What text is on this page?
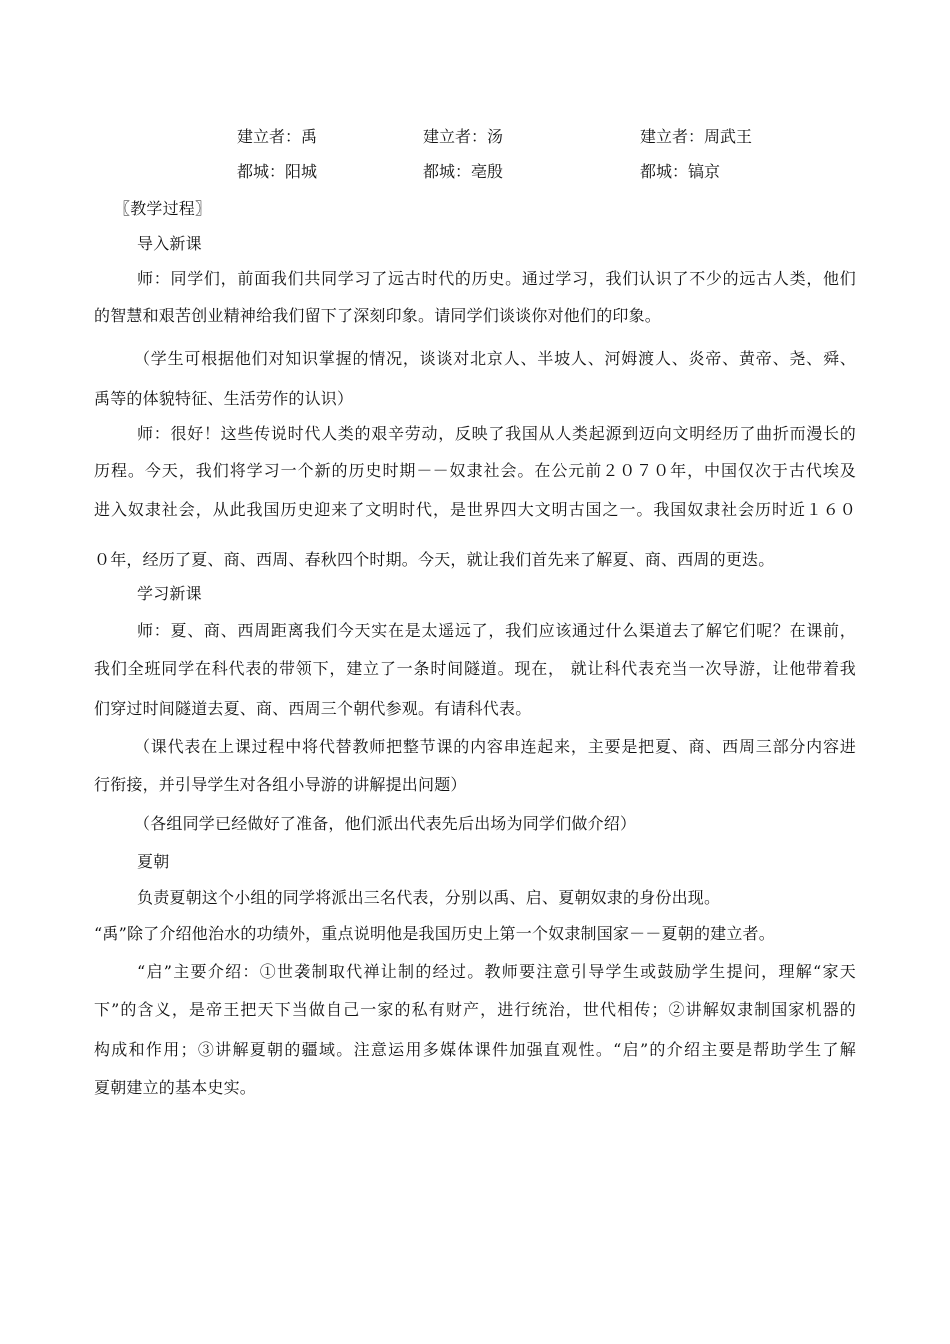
建立者：禹	建立者：汤	建立者：周武王
都城：阳城	都城：亳殷	都城：镐京
〖教学过程〗
导入新课
师：同学们，前面我们共同学习了远古时代的历史。通过学习，我们认识了不少的远古人类，他们
的智慧和艰苦创业精神给我们留下了深刻印象。请同学们谈谈你对他们的印象。
（学生可根据他们对知识掌握的情况，谈谈对北京人、半坡人、河姆渡人、炎帝、黄帝、尧、舜、
禹等的体貌特征、生活劳作的认识）
师：很好！这些传说时代人类的艰辛劳动，反映了我国从人类起源到迈向文明经历了曲折而漫长的
历程。今天，我们将学习一个新的历史时期－－奴隶社会。在公元前２０７０年，中国仅次于古代埃及
进入奴隶社会，从此我国历史迎来了文明时代，是世界四大文明古国之一。我国奴隶社会历时近１６０
０年，经历了夏、商、西周、春秋四个时期。今天，就让我们首先来了解夏、商、西周的更迭。
学习新课
师：夏、商、西周距离我们今天实在是太遥远了，我们应该通过什么渠道去了解它们呢？在课前，
我们全班同学在科代表的带领下，建立了一条时间隧道。现在， 就让科代表充当一次导游，让他带着我
们穿过时间隧道去夏、商、西周三个朝代参观。有请科代表。
（课代表在上课过程中将代替教师把整节课的内容串连起来，主要是把夏、商、西周三部分内容进
行衔接，并引导学生对各组小导游的讲解提出问题）
（各组同学已经做好了准备，他们派出代表先后出场为同学们做介绍）
夏朝
负责夏朝这个小组的同学将派出三名代表，分别以禹、启、夏朝奴隶的身份出现。
“禹”除了介绍他治水的功绩外，重点说明他是我国历史上第一个奴隶制国家－－夏朝的建立者。
“启”主要介绍：①世袭制取代禅让制的经过。教师要注意引导学生或鼓励学生提问，理解“家天
下”的含义，是帝王把天下当做自己一家的私有财产，进行统治，世代相传；②讲解奴隶制国家机器的
构成和作用；③讲解夏朝的疆域。注意运用多媒体课件加强直观性。“启”的介绍主要是帮助学生了解
夏朝建立的基本史实。
